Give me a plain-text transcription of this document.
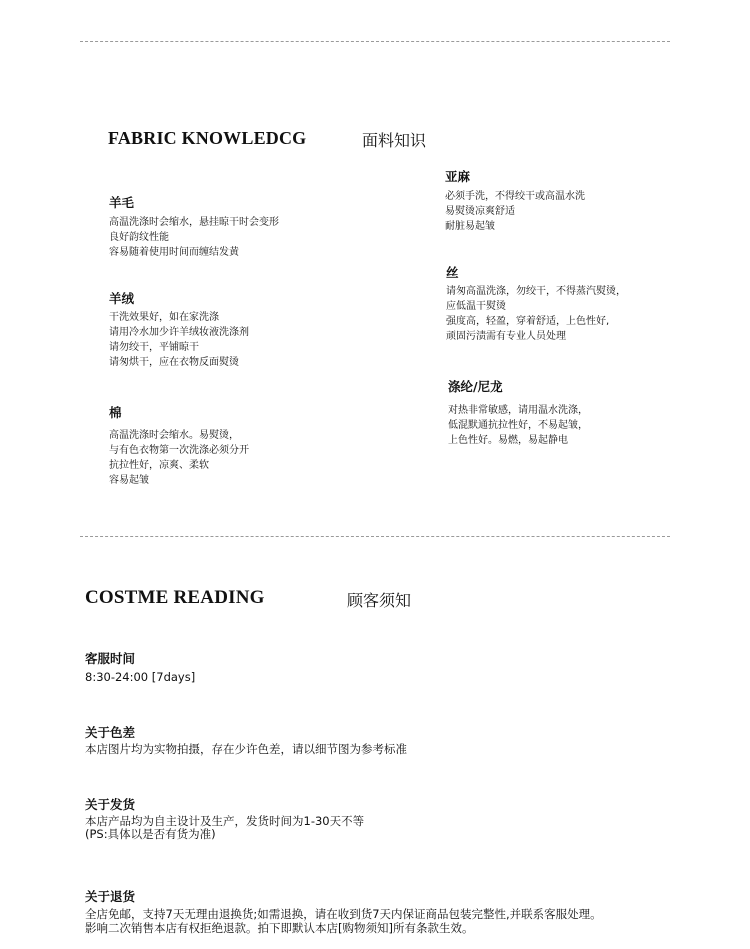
FABRIC KNOWLEDCG	面料知识
羊毛
高温洗涤时会缩水，悬挂晾干时会变形
良好韵纹性能
容易随着使用时间而缠结发黄
羊绒
干洗效果好，如在家洗涤
请用冷水加少许羊绒妆液洗涤剂
请勿绞干，平铺晾干
请匆烘干，应在衣物反面熨烫
棉
高温洗涤时会缩水。易熨烫，
与有色衣物第一次洗涤必须分开
抗拉性好，凉爽、柔软
容易起皱
亚麻
必须手洗，不得绞干或高温水洗
易熨烫凉爽舒适
耐脏易起皱
丝
请匆高温洗涤，勿绞干，不得蒸汽熨烫，
应低温干熨烫
强度高，轻盈，穿着舒适，上色性好,
顽固污渍需有专业人员处理
涤纶/尼龙
对热非常敏感，请用温水洗涤，
低混默通抗拉性好，不易起皱，
上色性好。易燃，易起静电
COSTME READING	顾客须知
客服时间
8:30-24:00 [7days]
关于色差
本店图片均为实物拍摄，存在少许色差，请以细节图为参考标准
关于发货
本店产品均为自主设计及生产，发货时间为1-30天不等
(PS:具体以是否有货为准)
关于退货
全店免邮，支持7天无理由退换货;如需退换，请在收到货7天内保证商品包装完整性,并联系客服处理。
影响二次销售本店有权拒绝退款。拍下即默认本店[购物须知]所有条款生效。
